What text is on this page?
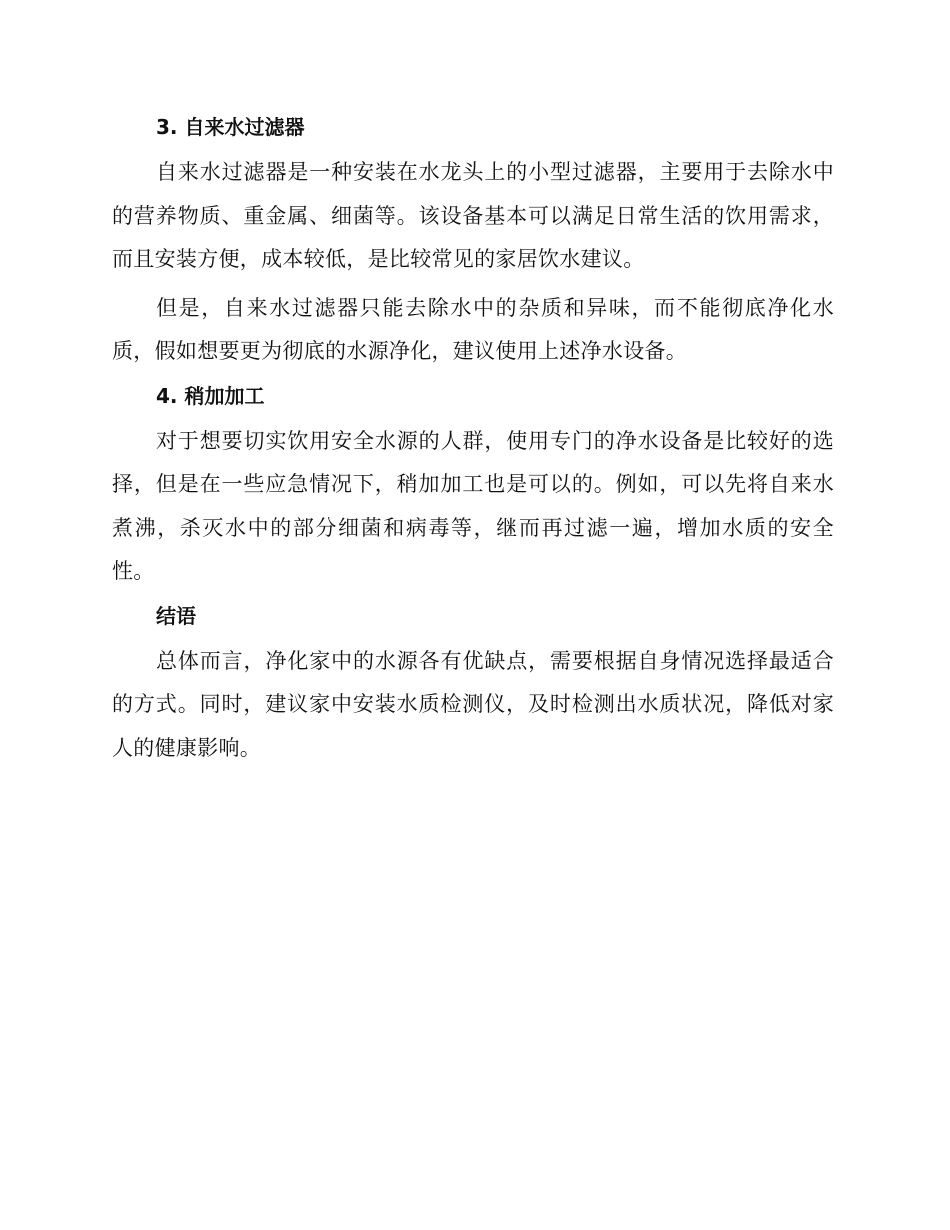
3. 自来水过滤器

自来水过滤器是一种安装在水龙头上的小型过滤器，主要用于去除水中的营养物质、重金属、细菌等。该设备基本可以满足日常生活的饮用需求，而且安装方便，成本较低，是比较常见的家居饮水建议。

但是，自来水过滤器只能去除水中的杂质和异味，而不能彻底净化水质，假如想要更为彻底的水源净化，建议使用上述净水设备。

4. 稍加加工

对于想要切实饮用安全水源的人群，使用专门的净水设备是比较好的选择，但是在一些应急情况下，稍加加工也是可以的。例如，可以先将自来水煮沸，杀灭水中的部分细菌和病毒等，继而再过滤一遍，增加水质的安全性。

结语

总体而言，净化家中的水源各有优缺点，需要根据自身情况选择最适合的方式。同时，建议家中安装水质检测仪，及时检测出水质状况，降低对家人的健康影响。
